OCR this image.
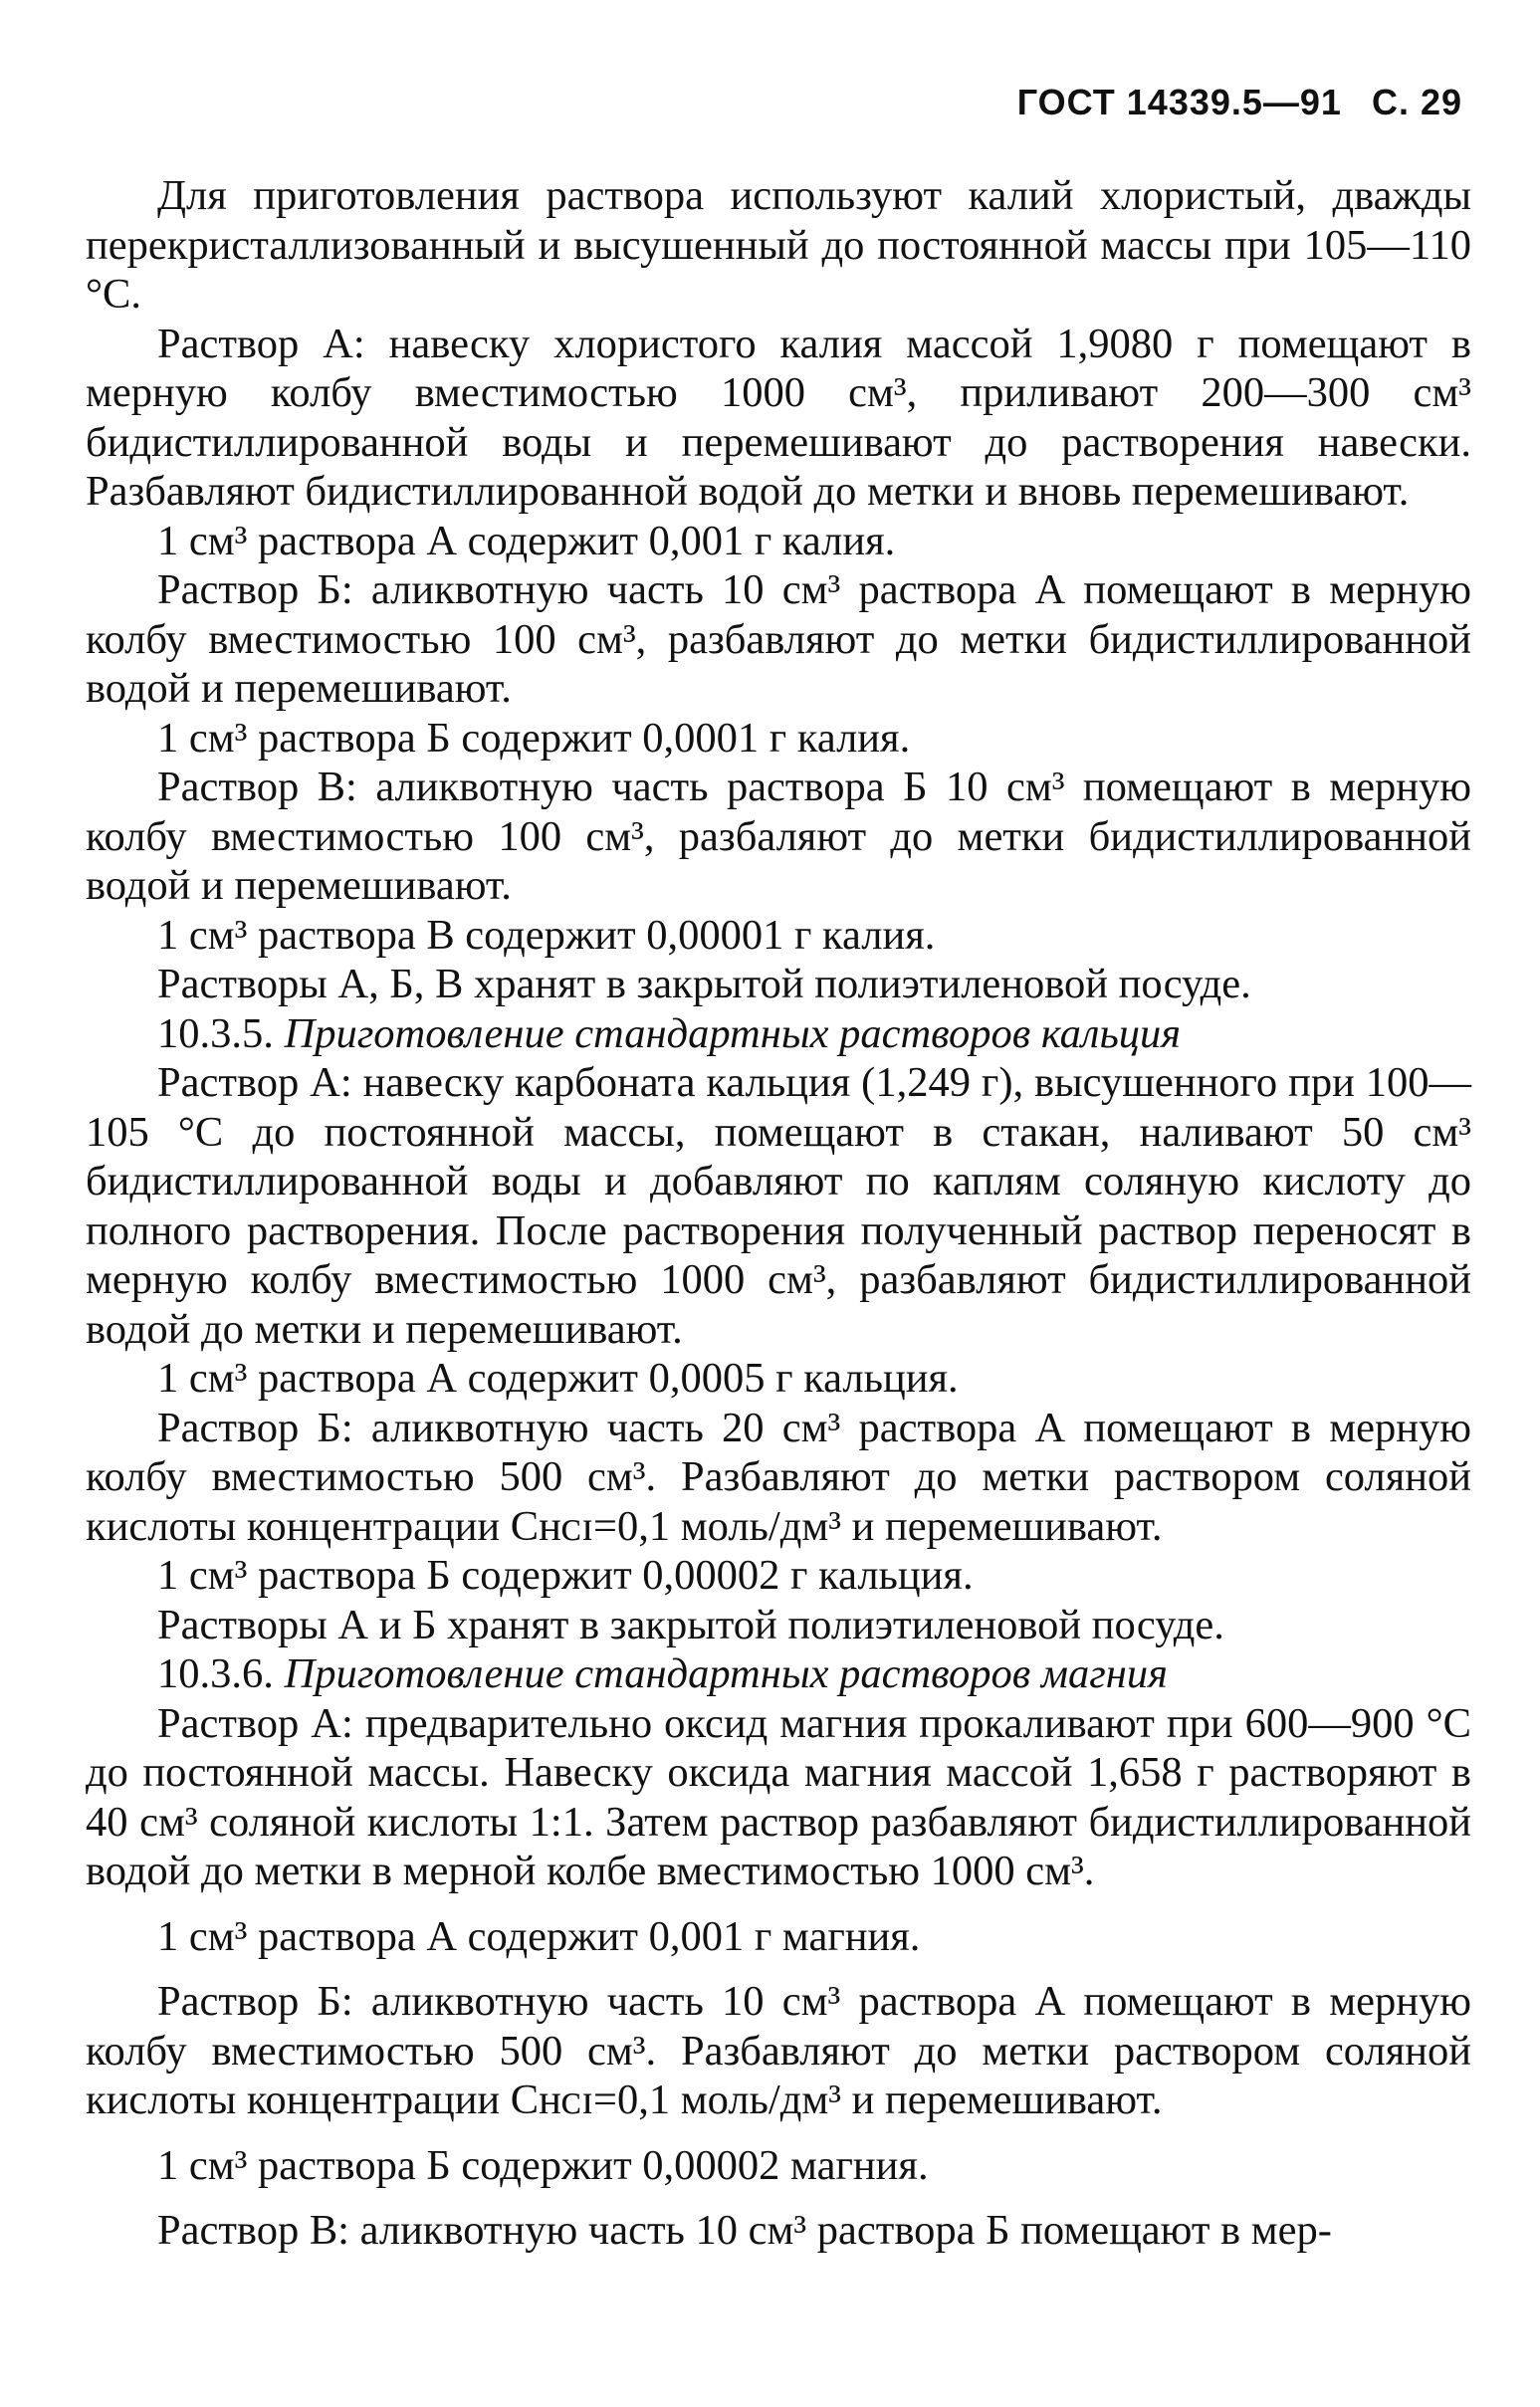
ГОСТ 14339.5—91 С. 29

Для приготовления раствора используют калий хлористый, дважды перекристаллизованный и высушенный до постоянной массы при 105—110 °С.

Раствор А: навеску хлористого калия массой 1,9080 г помещают в мерную колбу вместимостью 1000 см³, приливают 200—300 см³ бидистиллированной воды и перемешивают до растворения навески. Разбавляют бидистиллированной водой до метки и вновь перемешивают.

1 см³ раствора А содержит 0,001 г калия.

Раствор Б: аликвотную часть 10 см³ раствора А помещают в мерную колбу вместимостью 100 см³, разбавляют до метки бидистиллированной водой и перемешивают.

1 см³ раствора Б содержит 0,0001 г калия.

Раствор В: аликвотную часть раствора Б 10 см³ помещают в мерную колбу вместимостью 100 см³, разбаляют до метки бидистиллированной водой и перемешивают.

1 см³ раствора В содержит 0,00001 г калия.

Растворы А, Б, В хранят в закрытой полиэтиленовой посуде.

10.3.5. Приготовление стандартных растворов кальция

Раствор А: навеску карбоната кальция (1,249 г), высушенного при 100—105 °С до постоянной массы, помещают в стакан, наливают 50 см³ бидистиллированной воды и добавляют по каплям соляную кислоту до полного растворения. После растворения полученный раствор переносят в мерную колбу вместимостью 1000 см³, разбавляют бидистиллированной водой до метки и перемешивают.

1 см³ раствора А содержит 0,0005 г кальция.

Раствор Б: аликвотную часть 20 см³ раствора А помещают в мерную колбу вместимостью 500 см³. Разбавляют до метки раствором соляной кислоты концентрации Cʜᴄɪ=0,1 моль/дм³ и перемешивают.

1 см³ раствора Б содержит 0,00002 г кальция.

Растворы А и Б хранят в закрытой полиэтиленовой посуде.

10.3.6. Приготовление стандартных растворов магния

Раствор А: предварительно оксид магния прокаливают при 600—900 °С до постоянной массы. Навеску оксида магния массой 1,658 г растворяют в 40 см³ соляной кислоты 1:1. Затем раствор разбавляют бидистиллированной водой до метки в мерной колбе вместимостью 1000 см³.

1 см³ раствора А содержит 0,001 г магния.

Раствор Б: аликвотную часть 10 см³ раствора А помещают в мерную колбу вместимостью 500 см³. Разбавляют до метки раствором соляной кислоты концентрации Cʜᴄɪ=0,1 моль/дм³ и перемешивают.

1 см³ раствора Б содержит 0,00002 магния.

Раствор В: аликвотную часть 10 см³ раствора Б помещают в мер-
